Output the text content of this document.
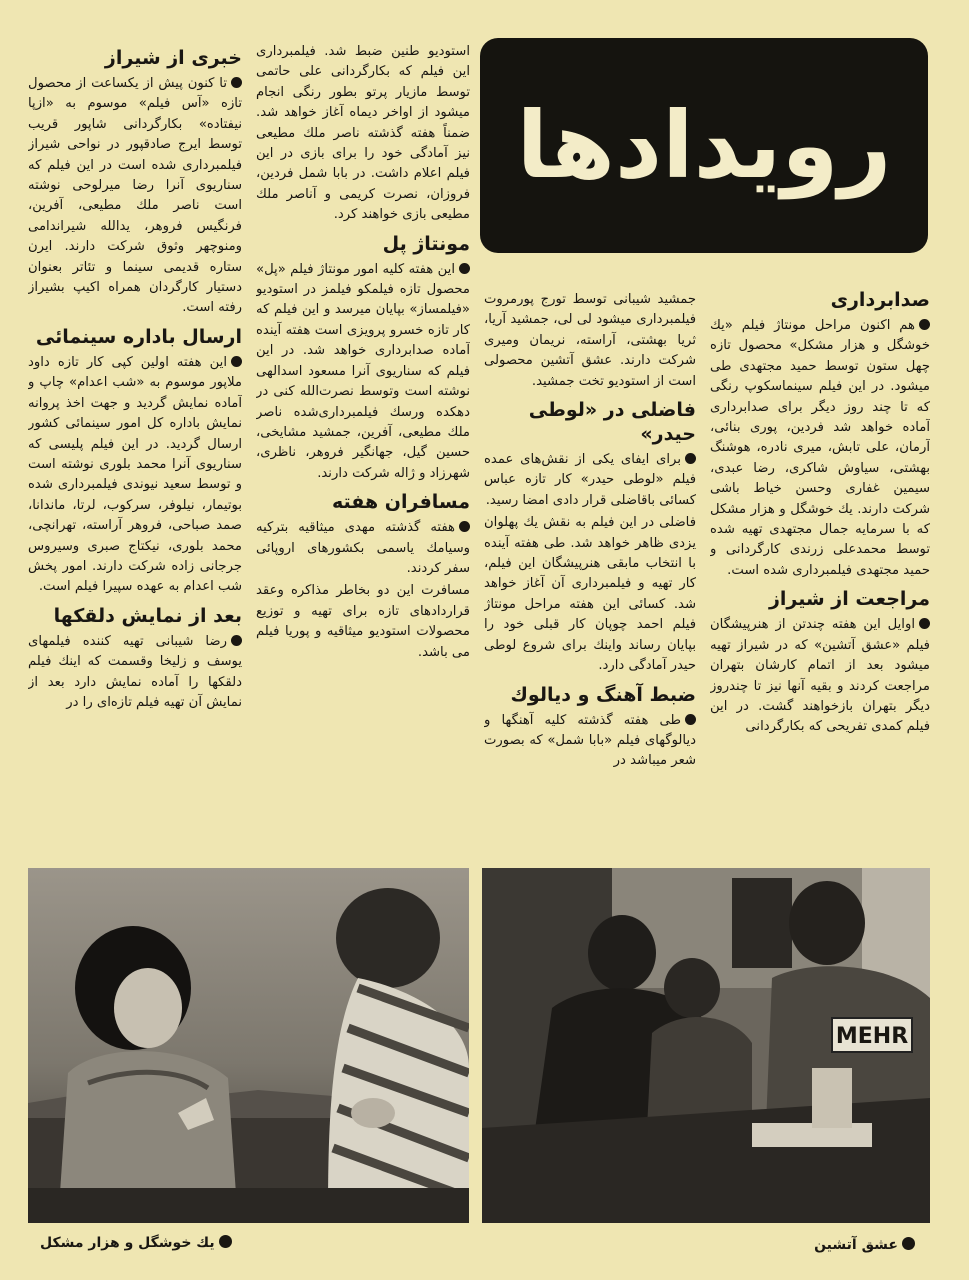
رویدادها
صدابرداری

هم اکنون مراحل مونتاژ فیلم «یك خوشگل و هزار مشکل» محصول تازه چهل ستون توسط حمید مجتهدی طی میشود. در این فیلم سینماسکوپ رنگی که تا چند روز دیگر برای صدابرداری آماده خواهد شد فردین، پوری بنائی، آرمان، علی تابش، میری نادره، هوشنگ بهشتی، سیاوش شاکری، رضا عبدی، سیمین غفاری وحسن خیاط باشی شرکت دارند. یك خوشگل و هزار مشکل که با سرمایه جمال مجتهدی تهیه شده توسط محمدعلی زرندی کارگردانی و حمید مجتهدی فیلمبرداری شده است.

مراجعت از شیراز

اوایل این هفته چندتن از هنرپیشگان فیلم «عشق آتشین» که در شیراز تهیه میشود بعد از اتمام کارشان بتهران مراجعت کردند و بقیه آنها نیز تا چندروز دیگر بتهران بازخواهند گشت. در این فیلم کمدی تفریحی که بکارگردانی

جمشید شیبانی توسط تورج پورمروت فیلمبرداری میشود لی لی، جمشید آریا، ثریا بهشتی، آراسته، نریمان ومیری شرکت دارند. عشق آتشین محصولی است از استودیو تخت جمشید.

فاضلی در «لوطی حیدر»

برای ایفای یکی از نقش‌های عمده فیلم «لوطی حیدر» کار تازه عباس کسائی باقاضلی قرار دادی امضا رسید.

فاضلی در این فیلم به نقش یك پهلوان یزدی ظاهر خواهد شد. طی هفته آینده با انتخاب مابقی هنرپیشگان این فیلم، کار تهیه و فیلمبرداری آن آغاز خواهد شد. کسائی این هفته مراحل مونتاژ فیلم احمد چوپان کار قبلی خود را بپایان رساند واینك برای شروع لوطی حیدر آمادگی دارد.

ضبط آهنگ و دیالوك

طی هفته گذشته کلیه آهنگها و دیالوگهای فیلم «بابا شمل» که بصورت شعر میباشد در

استودیو طنین ضبط شد. فیلمبرداری این فیلم که بکارگردانی علی حاتمی توسط مازیار پرتو بطور رنگی انجام میشود از اواخر دیماه آغاز خواهد شد. ضمناً هفته گذشته ناصر ملك مطیعی نیز آمادگی خود را برای بازی در این فیلم اعلام داشت. در بابا شمل فردین، فروزان، نصرت کریمی و آناصر ملك مطیعی بازی خواهند کرد.

مونتاژ پل

این هفته کلیه امور مونتاژ فیلم «پل» محصول تازه فیلمکو فیلمز در استودیو «فیلمساز» بپایان میرسد و این فیلم که کار تازه خسرو پرویزی است هفته آینده آماده صدابرداری خواهد شد. در این فیلم که سناریوی آنرا مسعود اسدالهی نوشته است وتوسط نصرت‌الله کنی در دهکده ورسك فیلمبرداری‌شده ناصر ملك مطیعی، آفرین، جمشید مشایخی، حسین گیل، جهانگیر فروهر، ناظری، شهرزاد و ژاله شرکت دارند.

مسافران هفته

هفته گذشته مهدی میثاقیه بترکیه وسیامك یاسمی بکشورهای اروپائی سفر کردند.

مسافرت این دو بخاطر مذاکره وعقد قراردادهای تازه برای تهیه و توزیع محصولات استودیو میثاقیه و پوریا فیلم می باشد.

خبری از شیراز

تا کنون پیش از یکساعت از محصول تازه «آس فیلم» موسوم به «ازپا نیفتاده» بکارگردانی شاپور قریب توسط ایرج صادقپور در نواحی شیراز فیلمبرداری شده است در این فیلم که سناریوی آنرا رضا میرلوحی نوشته است ناصر ملك مطیعی، آفرین، فرنگیس فروهر، یدالله شیراندامی ومنوچهر وثوق شرکت دارند. ایرن ستاره قدیمی سینما و تئاتر بعنوان دستیار کارگردان همراه اکیپ بشیراز رفته است.

ارسال باداره سینمائی

این هفته اولین کپی کار تازه داود ملاپور موسوم به «شب اعدام» چاپ و آماده نمایش گردید و جهت اخذ پروانه نمایش باداره کل امور سینمائی کشور ارسال گردید. در این فیلم پلیسی که سناریوی آنرا محمد بلوری نوشته است و توسط سعید نیوندی فیلمبرداری شده بوتیمار، نیلوفر، سرکوب، لرتا، ماندانا، صمد صباحی، فروهر آراسته، تهرانچی، محمد بلوری، نیکتاج صبری وسیروس جرجانی زاده شرکت دارند. امور پخش شب اعدام به عهده سپیرا فیلم است.

بعد از نمایش دلقکها

رضا شیبانی تهیه کننده فیلمهای یوسف و زلیخا وقسمت که اینك فیلم دلقکها را آماده نمایش دارد بعد از نمایش آن تهیه فیلم تازه‌ای را در

MEHR
یك خوشگل و هزار مشکل	عشق آتشین
